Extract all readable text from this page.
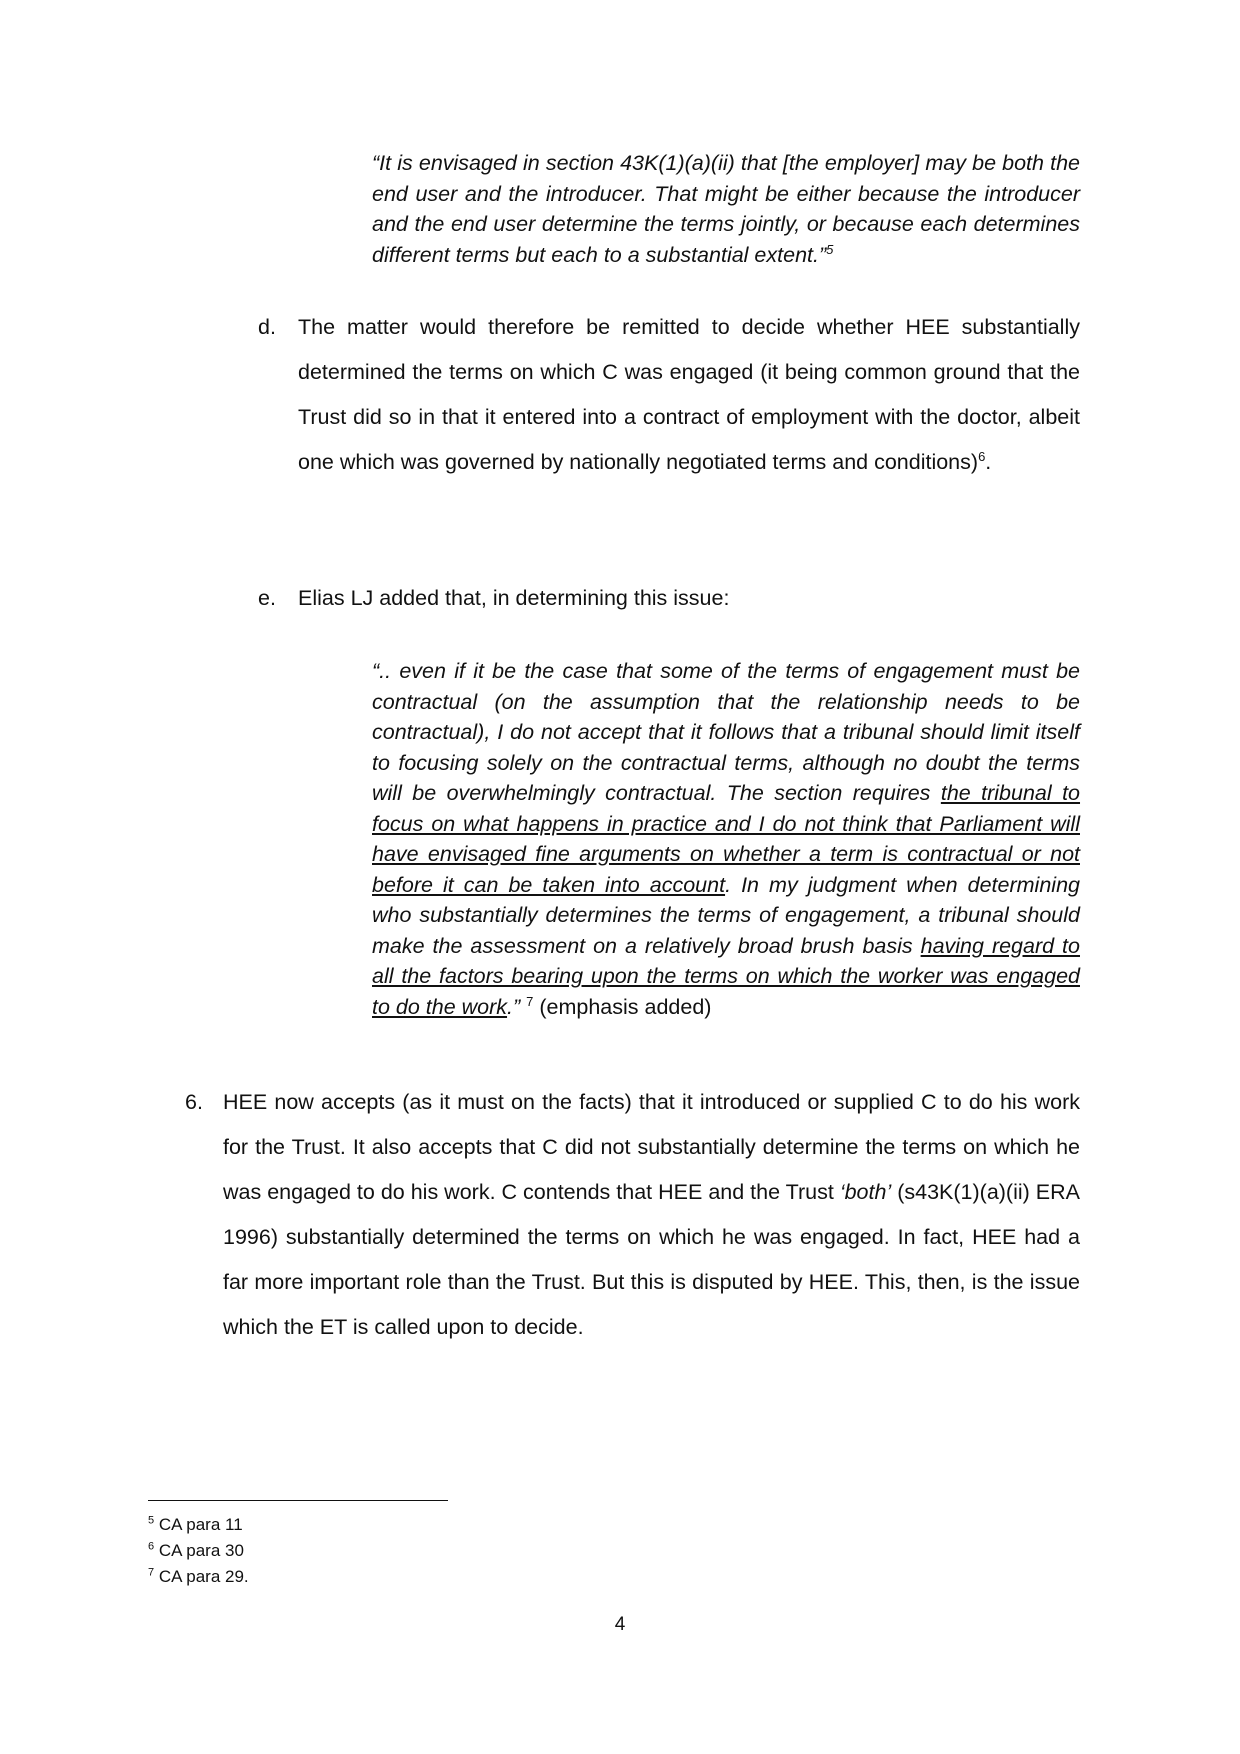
“It is envisaged in section 43K(1)(a)(ii) that [the employer] may be both the end user and the introducer. That might be either because the introducer and the end user determine the terms jointly, or because each determines different terms but each to a substantial extent.”$^5$

d.	The matter would therefore be remitted to decide whether HEE substantially determined the terms on which C was engaged (it being common ground that the Trust did so in that it entered into a contract of employment with the doctor, albeit one which was governed by nationally negotiated terms and conditions)$^6$.
e.	Elias LJ added that, in determining this issue:

“.. even if it be the case that some of the terms of engagement must be contractual (on the assumption that the relationship needs to be contractual), I do not accept that it follows that a tribunal should limit itself to focusing solely on the contractual terms, although no doubt the terms will be overwhelmingly contractual. The section requires the tribunal to focus on what happens in practice and I do not think that Parliament will have envisaged fine arguments on whether a term is contractual or not before it can be taken into account. In my judgment when determining who substantially determines the terms of engagement, a tribunal should make the assessment on a relatively broad brush basis having regard to all the factors bearing upon the terms on which the worker was engaged to do the work.” $^7$ (emphasis added)

6. HEE now accepts (as it must on the facts) that it introduced or supplied C to do his work for the Trust. It also accepts that C did not substantially determine the terms on which he was engaged to do his work. C contends that HEE and the Trust ‘both’ (s43K(1)(a)(ii) ERA 1996) substantially determined the terms on which he was engaged. In fact, HEE had a far more important role than the Trust. But this is disputed by HEE. This, then, is the issue which the ET is called upon to decide.
$^5$ CA para 11
$^6$ CA para 30
$^7$ CA para 29.
4
